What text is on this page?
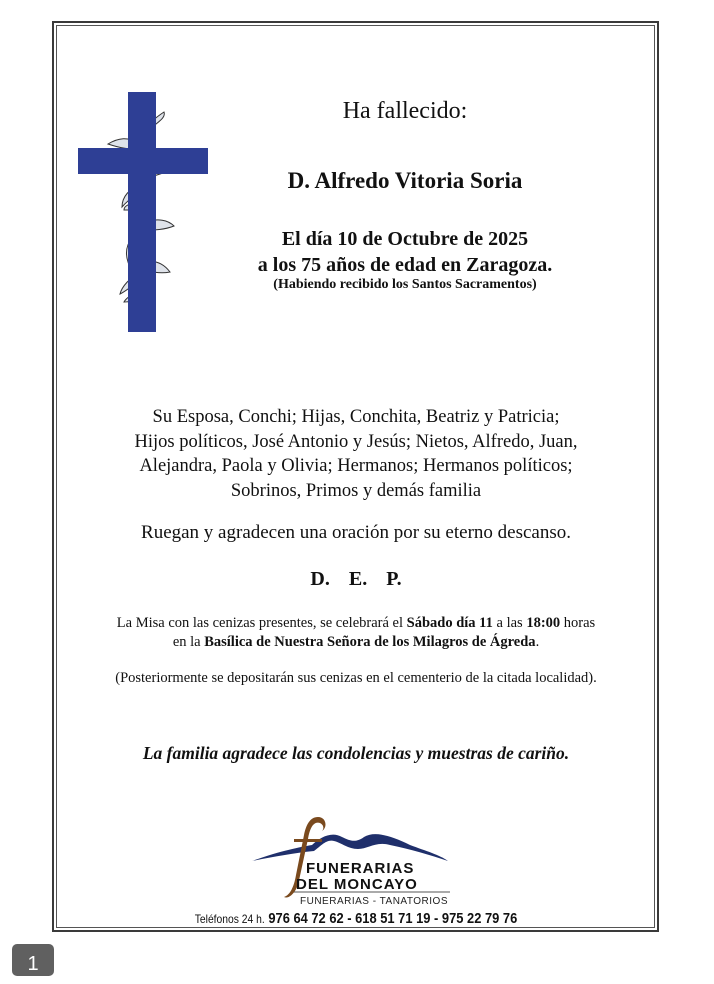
Ha fallecido:
D. Alfredo Vitoria Soria
El día 10 de Octubre de 2025
a los 75 años de edad en Zaragoza.
(Habiendo recibido los Santos Sacramentos)
Su Esposa, Conchi; Hijas, Conchita, Beatriz y Patricia;
Hijos políticos, José Antonio y Jesús; Nietos, Alfredo, Juan,
Alejandra, Paola y Olivia; Hermanos; Hermanos políticos;
Sobrinos, Primos y demás familia
Ruegan y agradecen una oración por su eterno descanso.
D. E. P.
La Misa con las cenizas presentes, se celebrará el Sábado día 11 a las 18:00 horas
en la Basílica de Nuestra Señora de los Milagros de Ágreda.
(Posteriormente se depositarán sus cenizas en el cementerio de la citada localidad).
La familia agradece las condolencias y muestras de cariño.
FUNERARIAS
DEL MONCAYO
FUNERARIAS - TANATORIOS
Teléfonos 24 h. 976 64 72 62 - 618 51 71 19 - 975 22 79 76
1
